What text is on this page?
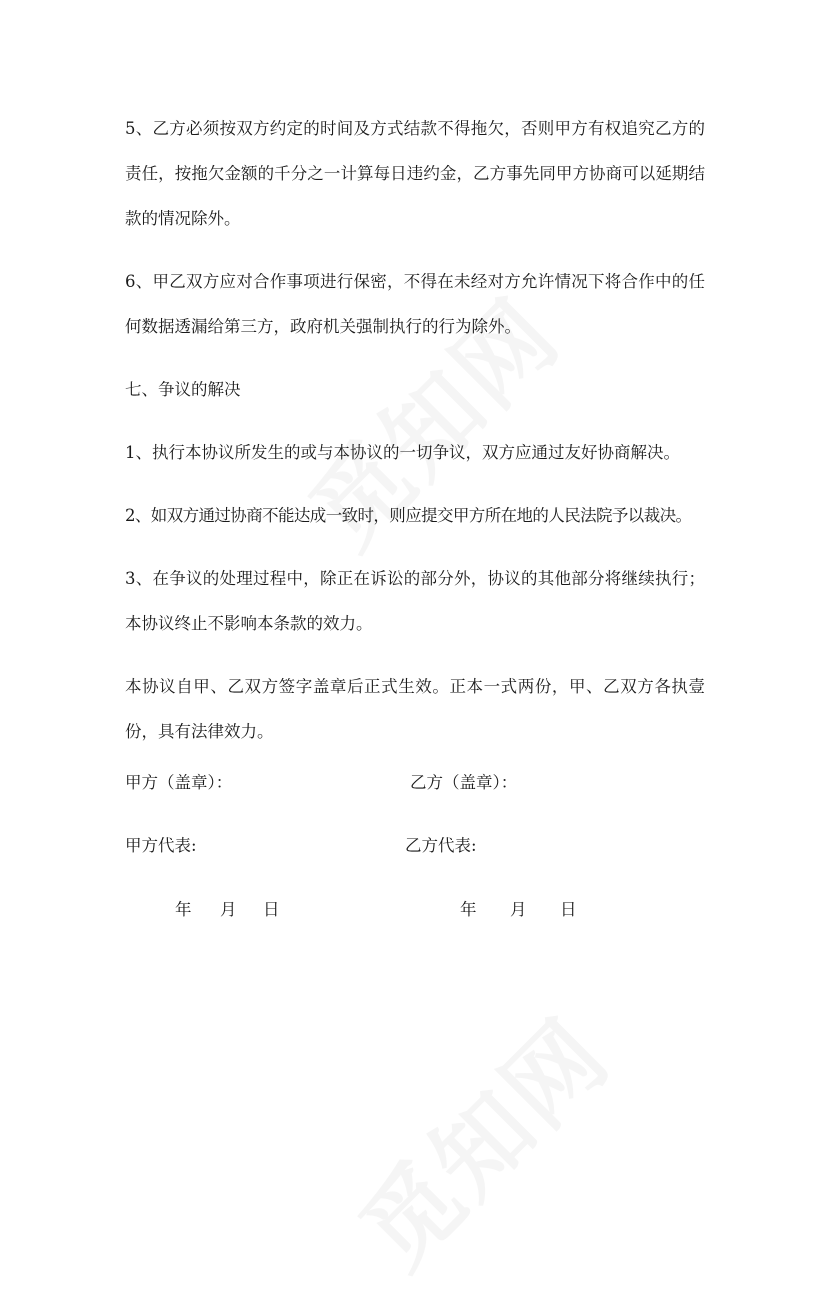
5、乙方必须按双方约定的时间及方式结款不得拖欠，否则甲方有权追究乙方的责任，按拖欠金额的千分之一计算每日违约金，乙方事先同甲方协商可以延期结款的情况除外。

6、甲乙双方应对合作事项进行保密，不得在未经对方允许情况下将合作中的任何数据透漏给第三方，政府机关强制执行的行为除外。

七、争议的解决

1、执行本协议所发生的或与本协议的一切争议，双方应通过友好协商解决。

2、如双方通过协商不能达成一致时，则应提交甲方所在地的人民法院予以裁决。

3、在争议的处理过程中，除正在诉讼的部分外，协议的其他部分将继续执行；本协议终止不影响本条款的效力。

本协议自甲、乙双方签字盖章后正式生效。正本一式两份，甲、乙双方各执壹份，具有法律效力。

甲方（盖章）：	乙方（盖章）：
甲方代表:	乙方代表:
年 月 日	年 月 日
